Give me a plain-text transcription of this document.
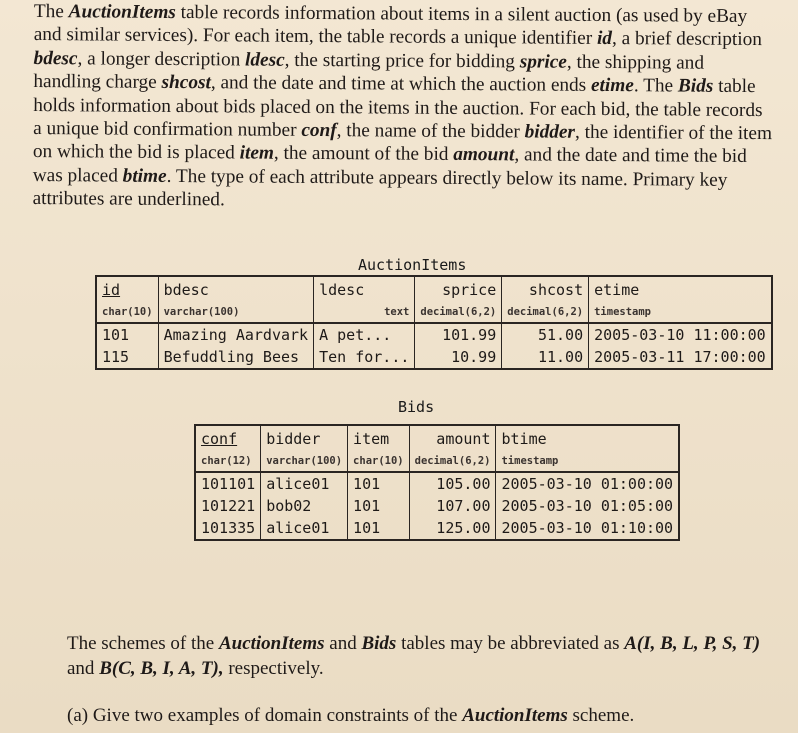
The AuctionItems table records information about items in a silent auction (as used by eBay and similar services). For each item, the table records a unique identifier id, a brief description bdesc, a longer description ldesc, the starting price for bidding sprice, the shipping and handling charge shcost, and the date and time at which the auction ends etime. The Bids table holds information about bids placed on the items in the auction. For each bid, the table records a unique bid confirmation number conf, the name of the bidder bidder, the identifier of the item on which the bid is placed item, the amount of the bid amount, and the date and time the bid was placed btime. The type of each attribute appears directly below its name. Primary key attributes are underlined.

AuctionItems
id	bdesc	ldesc	sprice	shcost	etime
char(10)	varchar(100)	text	decimal(6,2)	decimal(6,2)	timestamp
101	Amazing Aardvark	A pet...	101.99	51.00	2005-03-10 11:00:00
115	Befuddling Bees	Ten for...	10.99	11.00	2005-03-11 17:00:00
Bids
conf	bidder	item	amount	btime
char(12)	varchar(100)	char(10)	decimal(6,2)	timestamp
101101	alice01	101	105.00	2005-03-10 01:00:00
101221	bob02	101	107.00	2005-03-10 01:05:00
101335	alice01	101	125.00	2005-03-10 01:10:00
The schemes of the AuctionItems and Bids tables may be abbreviated as A(I, B, L, P, S, T) and B(C, B, I, A, T), respectively.
(a) Give two examples of domain constraints of the AuctionItems scheme.
